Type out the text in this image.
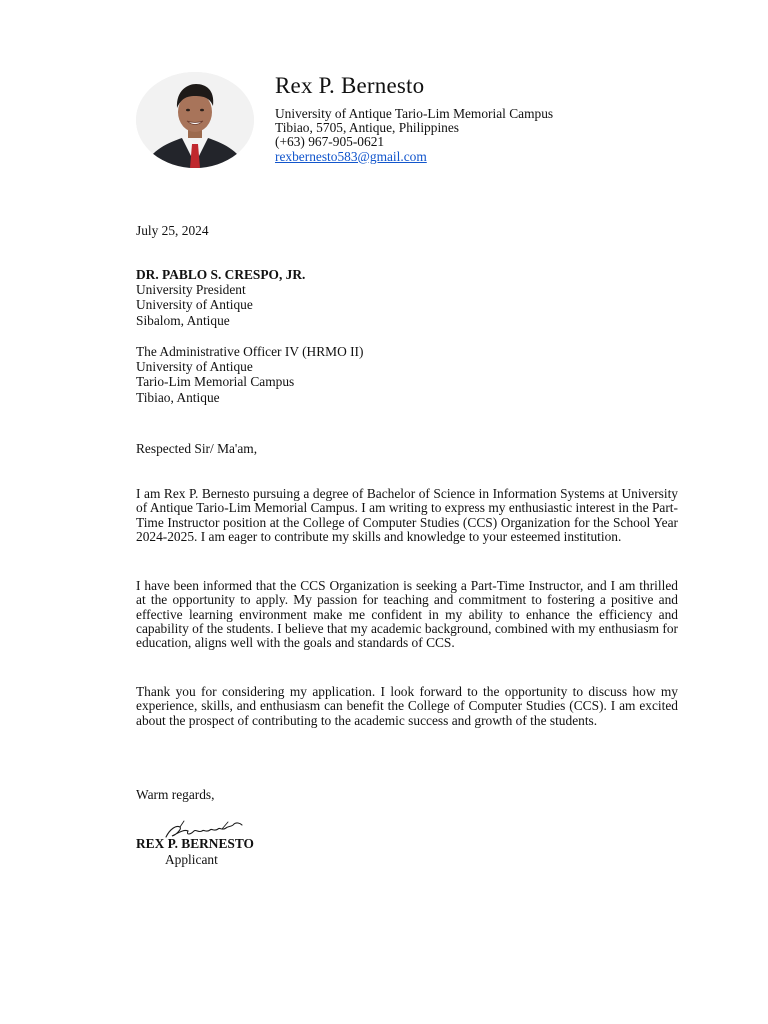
Rex P. Bernesto
University of Antique Tario-Lim Memorial Campus
Tibiao, 5705, Antique, Philippines
(+63) 967-905-0621
rexbernesto583@gmail.com
July 25, 2024
DR. PABLO S. CRESPO, JR.
University President
University of Antique
Sibalom, Antique
The Administrative Officer IV (HRMO II)
University of Antique
Tario-Lim Memorial Campus
Tibiao, Antique
Respected Sir/ Ma'am,

I am Rex P. Bernesto pursuing a degree of Bachelor of Science in Information Systems at University of Antique Tario-Lim Memorial Campus. I am writing to express my enthusiastic interest in the Part-Time Instructor position at the College of Computer Studies (CCS) Organization for the School Year 2024-2025. I am eager to contribute my skills and knowledge to your esteemed institution.

I have been informed that the CCS Organization is seeking a Part-Time Instructor, and I am thrilled at the opportunity to apply. My passion for teaching and commitment to fostering a positive and effective learning environment make me confident in my ability to enhance the efficiency and capability of the students. I believe that my academic background, combined with my enthusiasm for education, aligns well with the goals and standards of CCS.

Thank you for considering my application. I look forward to the opportunity to discuss how my experience, skills, and enthusiasm can benefit the College of Computer Studies (CCS). I am excited about the prospect of contributing to the academic success and growth of the students.

Warm regards,
REX P. BERNESTO
Applicant
